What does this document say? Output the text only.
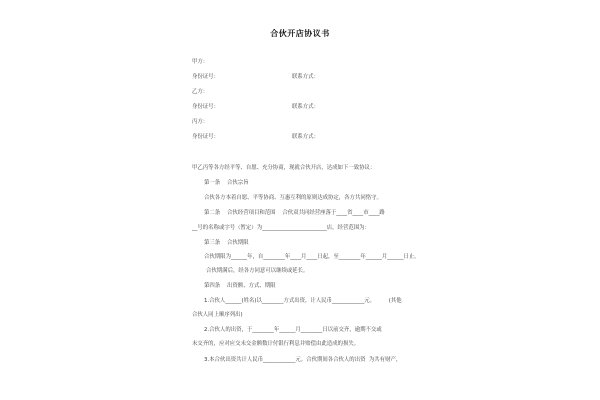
合伙开店协议书
甲方：
身份证号：	联系方式：
乙方：
身份证号：	联系方式：
丙方：
身份证号：	联系方式：
甲乙丙等各方经平等、自愿、充分协商，现就合伙开店，达成如下一致协议：
第一条    合伙宗旨
合伙各方本着自愿、平等协商、互惠互利的原则达成协定，各方共同恪守。
第二条    合伙经营项目和范围    合伙双共同经营座落于____省____市____路
__号的名称或字号（暂定）为________________________店，经营范围为：
第三条    合伙期限
合伙期限为______年，自________年____月____日起，至________年______月______日止。
合伙期满后，经各方同意可以继续或延长。
第四条    出资额、方式、期限
1.合伙人______(姓名)以________方式出资，计人民币____________元。        (其他
合伙人同上顺序列出)
2.合伙人的出资，于________年______月________日以前交齐，逾期不交或
未交齐的，应对应交未交金额数计付银行利息并赔偿由此造成的损失。
3.本合伙出资共计人民币____________元。合伙期间各合伙人的出资  为共有财产，
